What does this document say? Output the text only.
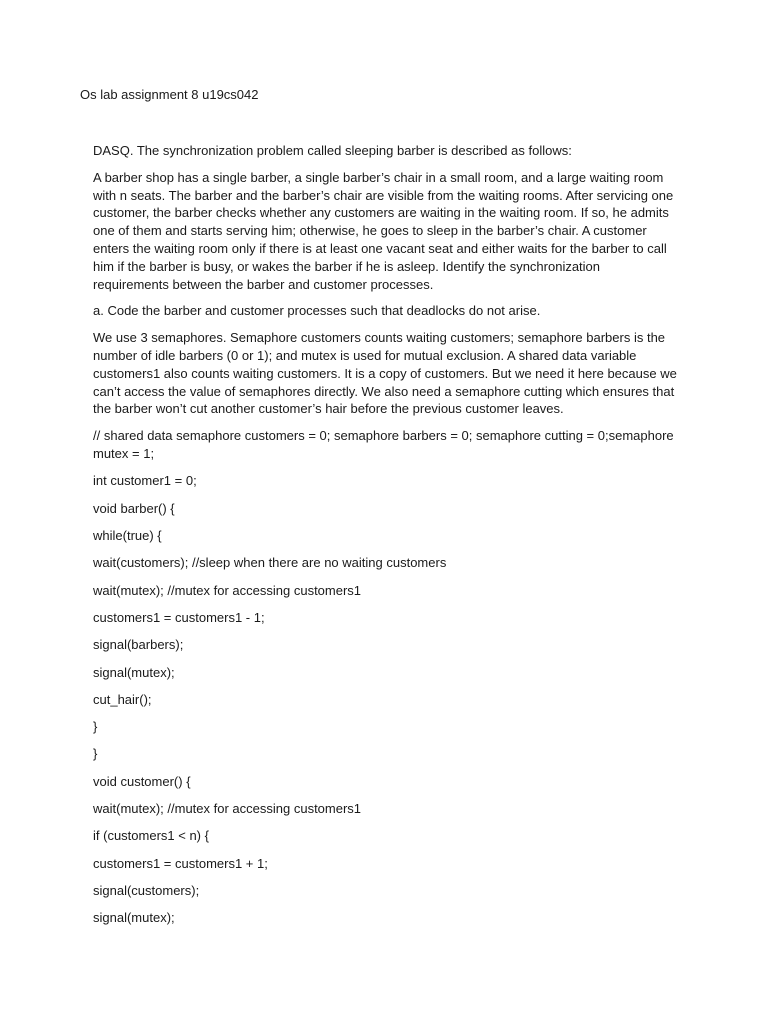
Os lab assignment 8 u19cs042

DASQ. The synchronization problem called sleeping barber is described as follows:

A barber shop has a single barber, a single barber’s chair in a small room, and a large waiting room with n seats. The barber and the barber’s chair are visible from the waiting rooms. After servicing one customer, the barber checks whether any customers are waiting in the waiting room. If so, he admits one of them and starts serving him; otherwise, he goes to sleep in the barber’s chair. A customer enters the waiting room only if there is at least one vacant seat and either waits for the barber to call him if the barber is busy, or wakes the barber if he is asleep. Identify the synchronization requirements between the barber and customer processes.

a. Code the barber and customer processes such that deadlocks do not arise.

We use 3 semaphores. Semaphore customers counts waiting customers; semaphore barbers is the number of idle barbers (0 or 1); and mutex is used for mutual exclusion. A shared data variable customers1 also counts waiting customers. It is a copy of customers. But we need it here because we can’t access the value of semaphores directly. We also need a semaphore cutting which ensures that the barber won’t cut another customer’s hair before the previous customer leaves.

// shared data semaphore customers = 0; semaphore barbers = 0; semaphore cutting = 0;semaphore mutex = 1;
int customer1 = 0;
void barber() {
while(true) {
wait(customers); //sleep when there are no waiting customers
wait(mutex); //mutex for accessing customers1
customers1 = customers1 - 1;
signal(barbers);
signal(mutex);
cut_hair();
}
}
void customer() {
wait(mutex); //mutex for accessing customers1
if (customers1 < n) {
customers1 = customers1 + 1;
signal(customers);
signal(mutex);
